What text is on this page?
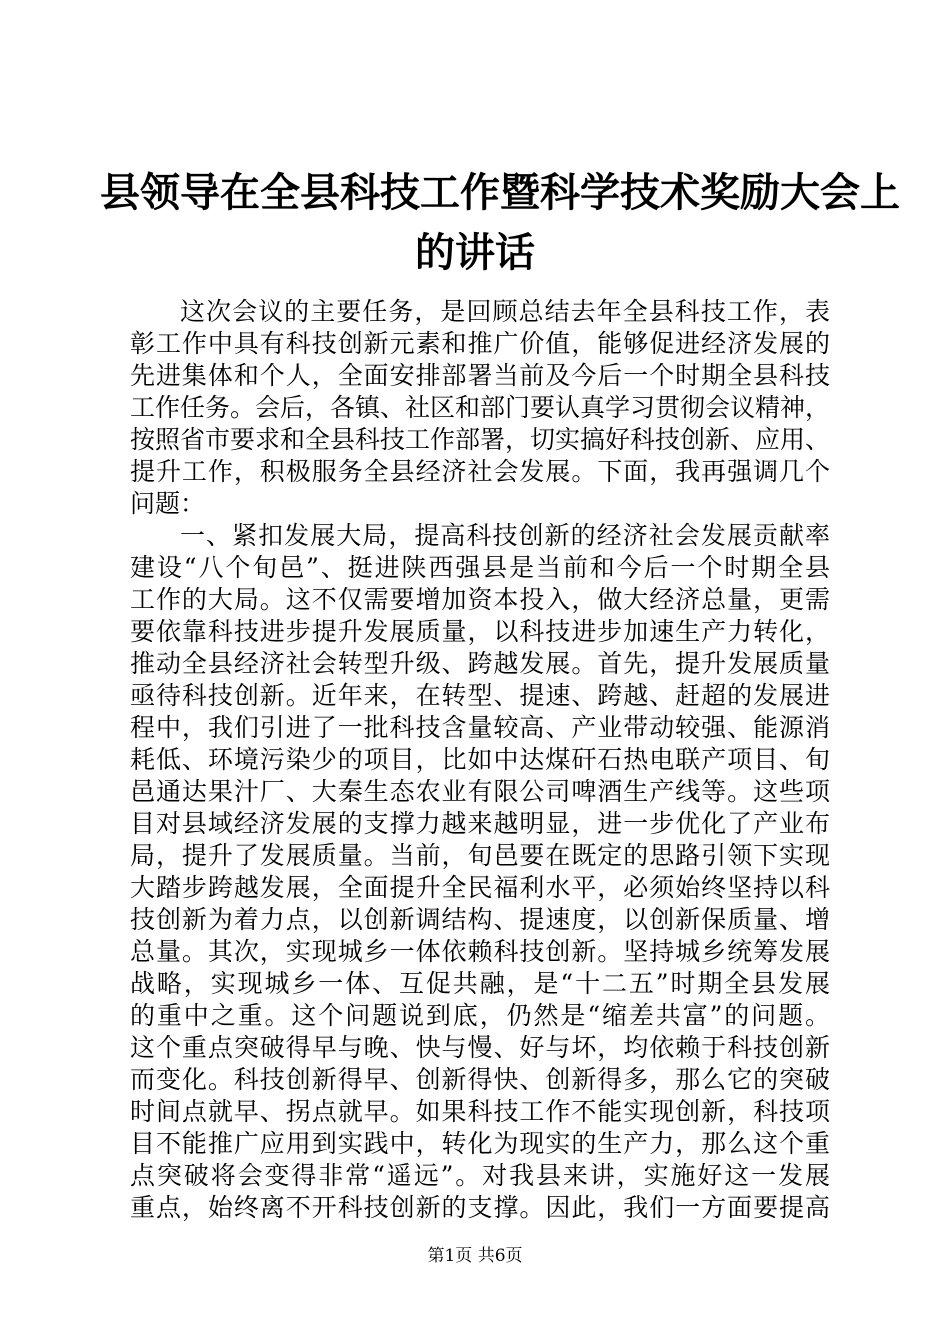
县领导在全县科技工作暨科学技术奖励大会上
的讲话
这次会议的主要任务，是回顾总结去年全县科技工作，表
彰工作中具有科技创新元素和推广价值，能够促进经济发展的
先进集体和个人，全面安排部署当前及今后一个时期全县科技
工作任务。会后，各镇、社区和部门要认真学习贯彻会议精神，
按照省市要求和全县科技工作部署，切实搞好科技创新、应用、
提升工作，积极服务全县经济社会发展。下面，我再强调几个
问题：
一、紧扣发展大局，提高科技创新的经济社会发展贡献率
建设“八个旬邑”、挺进陕西强县是当前和今后一个时期全县
工作的大局。这不仅需要增加资本投入，做大经济总量，更需
要依靠科技进步提升发展质量，以科技进步加速生产力转化，
推动全县经济社会转型升级、跨越发展。首先，提升发展质量
亟待科技创新。近年来，在转型、提速、跨越、赶超的发展进
程中，我们引进了一批科技含量较高、产业带动较强、能源消
耗低、环境污染少的项目，比如中达煤矸石热电联产项目、旬
邑通达果汁厂、大秦生态农业有限公司啤酒生产线等。这些项
目对县域经济发展的支撑力越来越明显，进一步优化了产业布
局，提升了发展质量。当前，旬邑要在既定的思路引领下实现
大踏步跨越发展，全面提升全民福利水平，必须始终坚持以科
技创新为着力点，以创新调结构、提速度，以创新保质量、增
总量。其次，实现城乡一体依赖科技创新。坚持城乡统筹发展
战略，实现城乡一体、互促共融，是“十二五”时期全县发展
的重中之重。这个问题说到底，仍然是“缩差共富”的问题。
这个重点突破得早与晚、快与慢、好与坏，均依赖于科技创新
而变化。科技创新得早、创新得快、创新得多，那么它的突破
时间点就早、拐点就早。如果科技工作不能实现创新，科技项
目不能推广应用到实践中，转化为现实的生产力，那么这个重
点突破将会变得非常“遥远”。对我县来讲，实施好这一发展
重点，始终离不开科技创新的支撑。因此，我们一方面要提高
第1页 共6页
